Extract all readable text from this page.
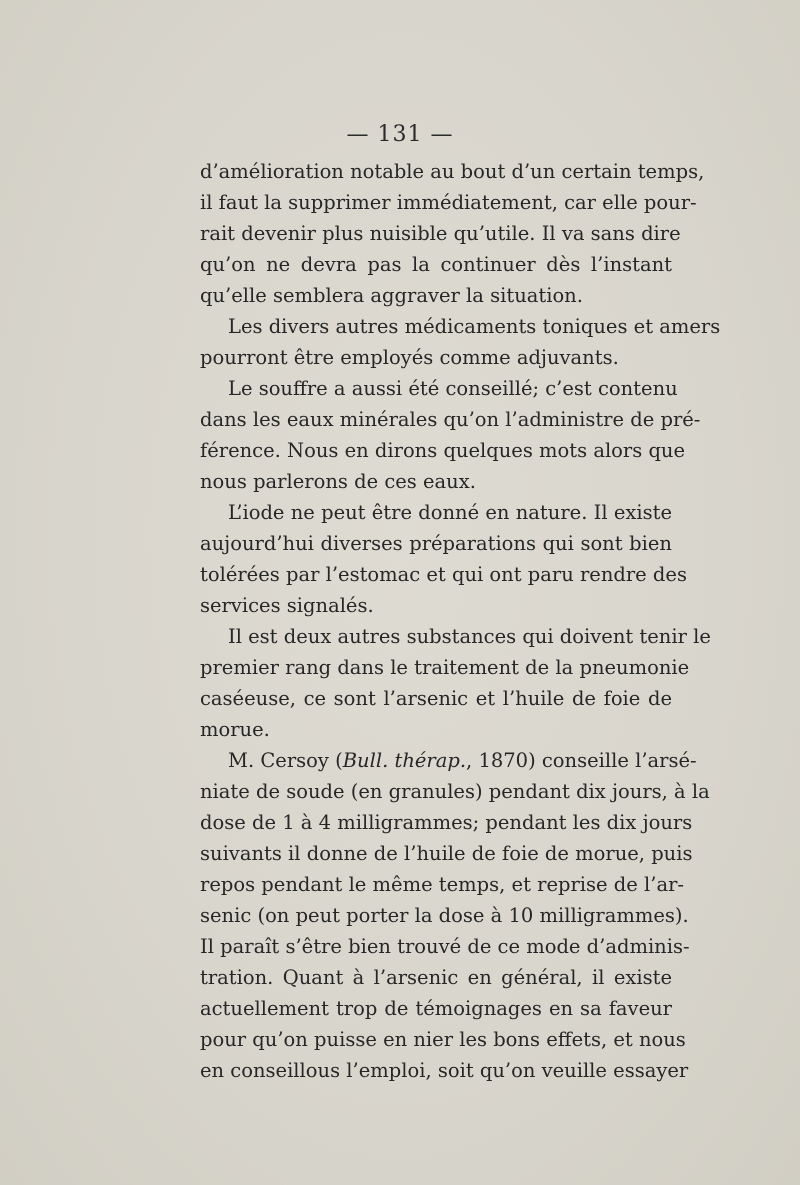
— 131 —
d’amélioration notable au bout d’un certain temps,
il faut la supprimer immédiatement, car elle pour-
rait devenir plus nuisible qu’utile. Il va sans dire
qu’on ne devra pas la continuer dès l’instant
qu’elle semblera aggraver la situation.
Les divers autres médicaments toniques et amers
pourront être employés comme adjuvants.
Le souffre a aussi été conseillé; c’est contenu
dans les eaux minérales qu’on l’administre de pré-
férence. Nous en dirons quelques mots alors que
nous parlerons de ces eaux.
L’iode ne peut être donné en nature. Il existe
aujourd’hui diverses préparations qui sont bien
tolérées par l’estomac et qui ont paru rendre des
services signalés.
Il est deux autres substances qui doivent tenir le
premier rang dans le traitement de la pneumonie
caséeuse, ce sont l’arsenic et l’huile de foie de
morue.
M. Cersoy (Bull. thérap., 1870) conseille l’arsé-
niate de soude (en granules) pendant dix jours, à la
dose de 1 à 4 milligrammes; pendant les dix jours
suivants il donne de l’huile de foie de morue, puis
repos pendant le même temps, et reprise de l’ar-
senic (on peut porter la dose à 10 milligrammes).
Il paraît s’être bien trouvé de ce mode d’adminis-
tration. Quant à l’arsenic en général, il existe
actuellement trop de témoignages en sa faveur
pour qu’on puisse en nier les bons effets, et nous
en conseillous l’emploi, soit qu’on veuille essayer
